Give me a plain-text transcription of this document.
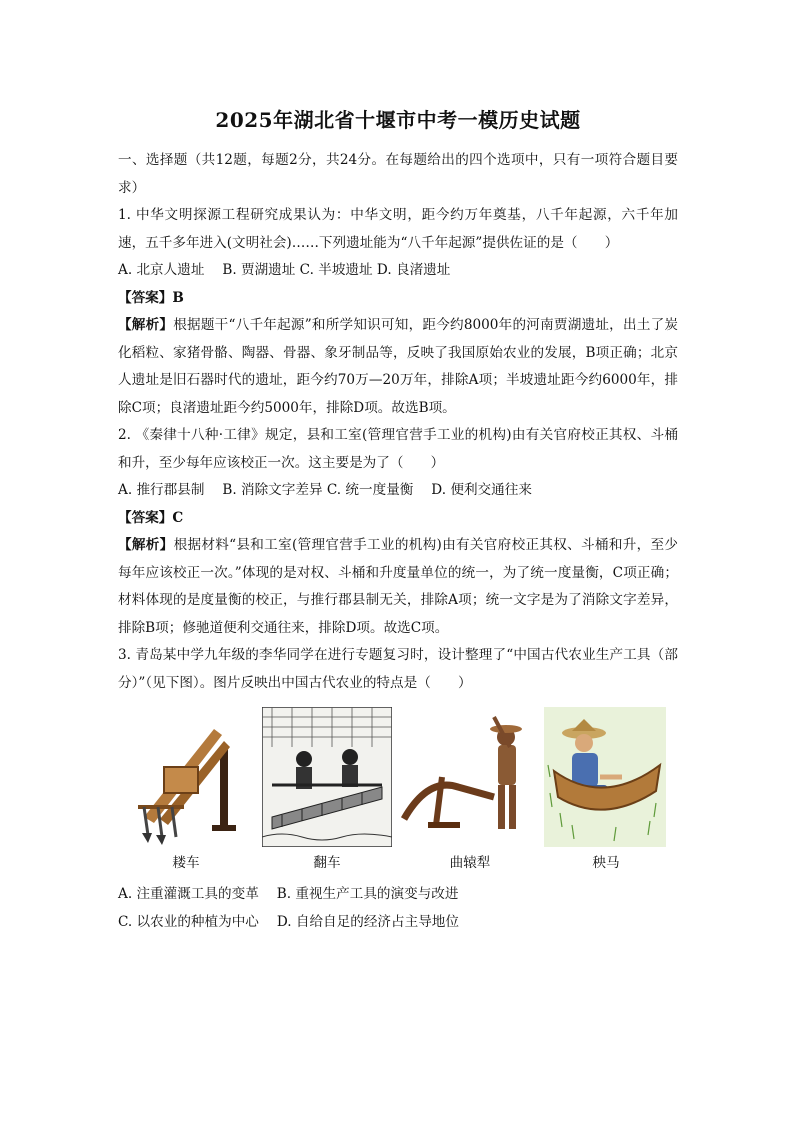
2025年湖北省十堰市中考一模历史试题

一、选择题（共12题，每题2分，共24分。在每题给出的四个选项中，只有一项符合题目要求）

1. 中华文明探源工程研究成果认为：中华文明，距今约万年奠基，八千年起源，六千年加速，五千多年进入(文明社会)……下列遗址能为“八千年起源”提供佐证的是（　　）

A. 北京人遗址　 B. 贾湖遗址 C. 半坡遗址 D. 良渚遗址

【答案】B

【解析】根据题干“八千年起源”和所学知识可知，距今约8000年的河南贾湖遗址，出土了炭化稻粒、家猪骨骼、陶器、骨器、象牙制品等，反映了我国原始农业的发展，B项正确；北京人遗址是旧石器时代的遗址，距今约70万—20万年，排除A项；半坡遗址距今约6000年，排除C项；良渚遗址距今约5000年，排除D项。故选B项。

2. 《秦律十八种·工律》规定，县和工室(管理官营手工业的机构)由有关官府校正其权、斗桶和升，至少每年应该校正一次。这主要是为了（　　）

A. 推行郡县制　 B. 消除文字差异 C. 统一度量衡　 D. 便利交通往来

【答案】C

【解析】根据材料“县和工室(管理官营手工业的机构)由有关官府校正其权、斗桶和升，至少每年应该校正一次。”体现的是对权、斗桶和升度量单位的统一，为了统一度量衡，C项正确；材料体现的是度量衡的校正，与推行郡县制无关，排除A项；统一文字是为了消除文字差异，排除B项；修驰道便利交通往来，排除D项。故选C项。

3. 青岛某中学九年级的李华同学在进行专题复习时，设计整理了“中国古代农业生产工具（部分）”（见下图）。图片反映出中国古代农业的特点是（　　）

耧车	翻车	曲辕犁	秧马

A. 注重灌溉工具的变革　 B. 重视生产工具的演变与改进

C. 以农业的种植为中心　 D. 自给自足的经济占主导地位
